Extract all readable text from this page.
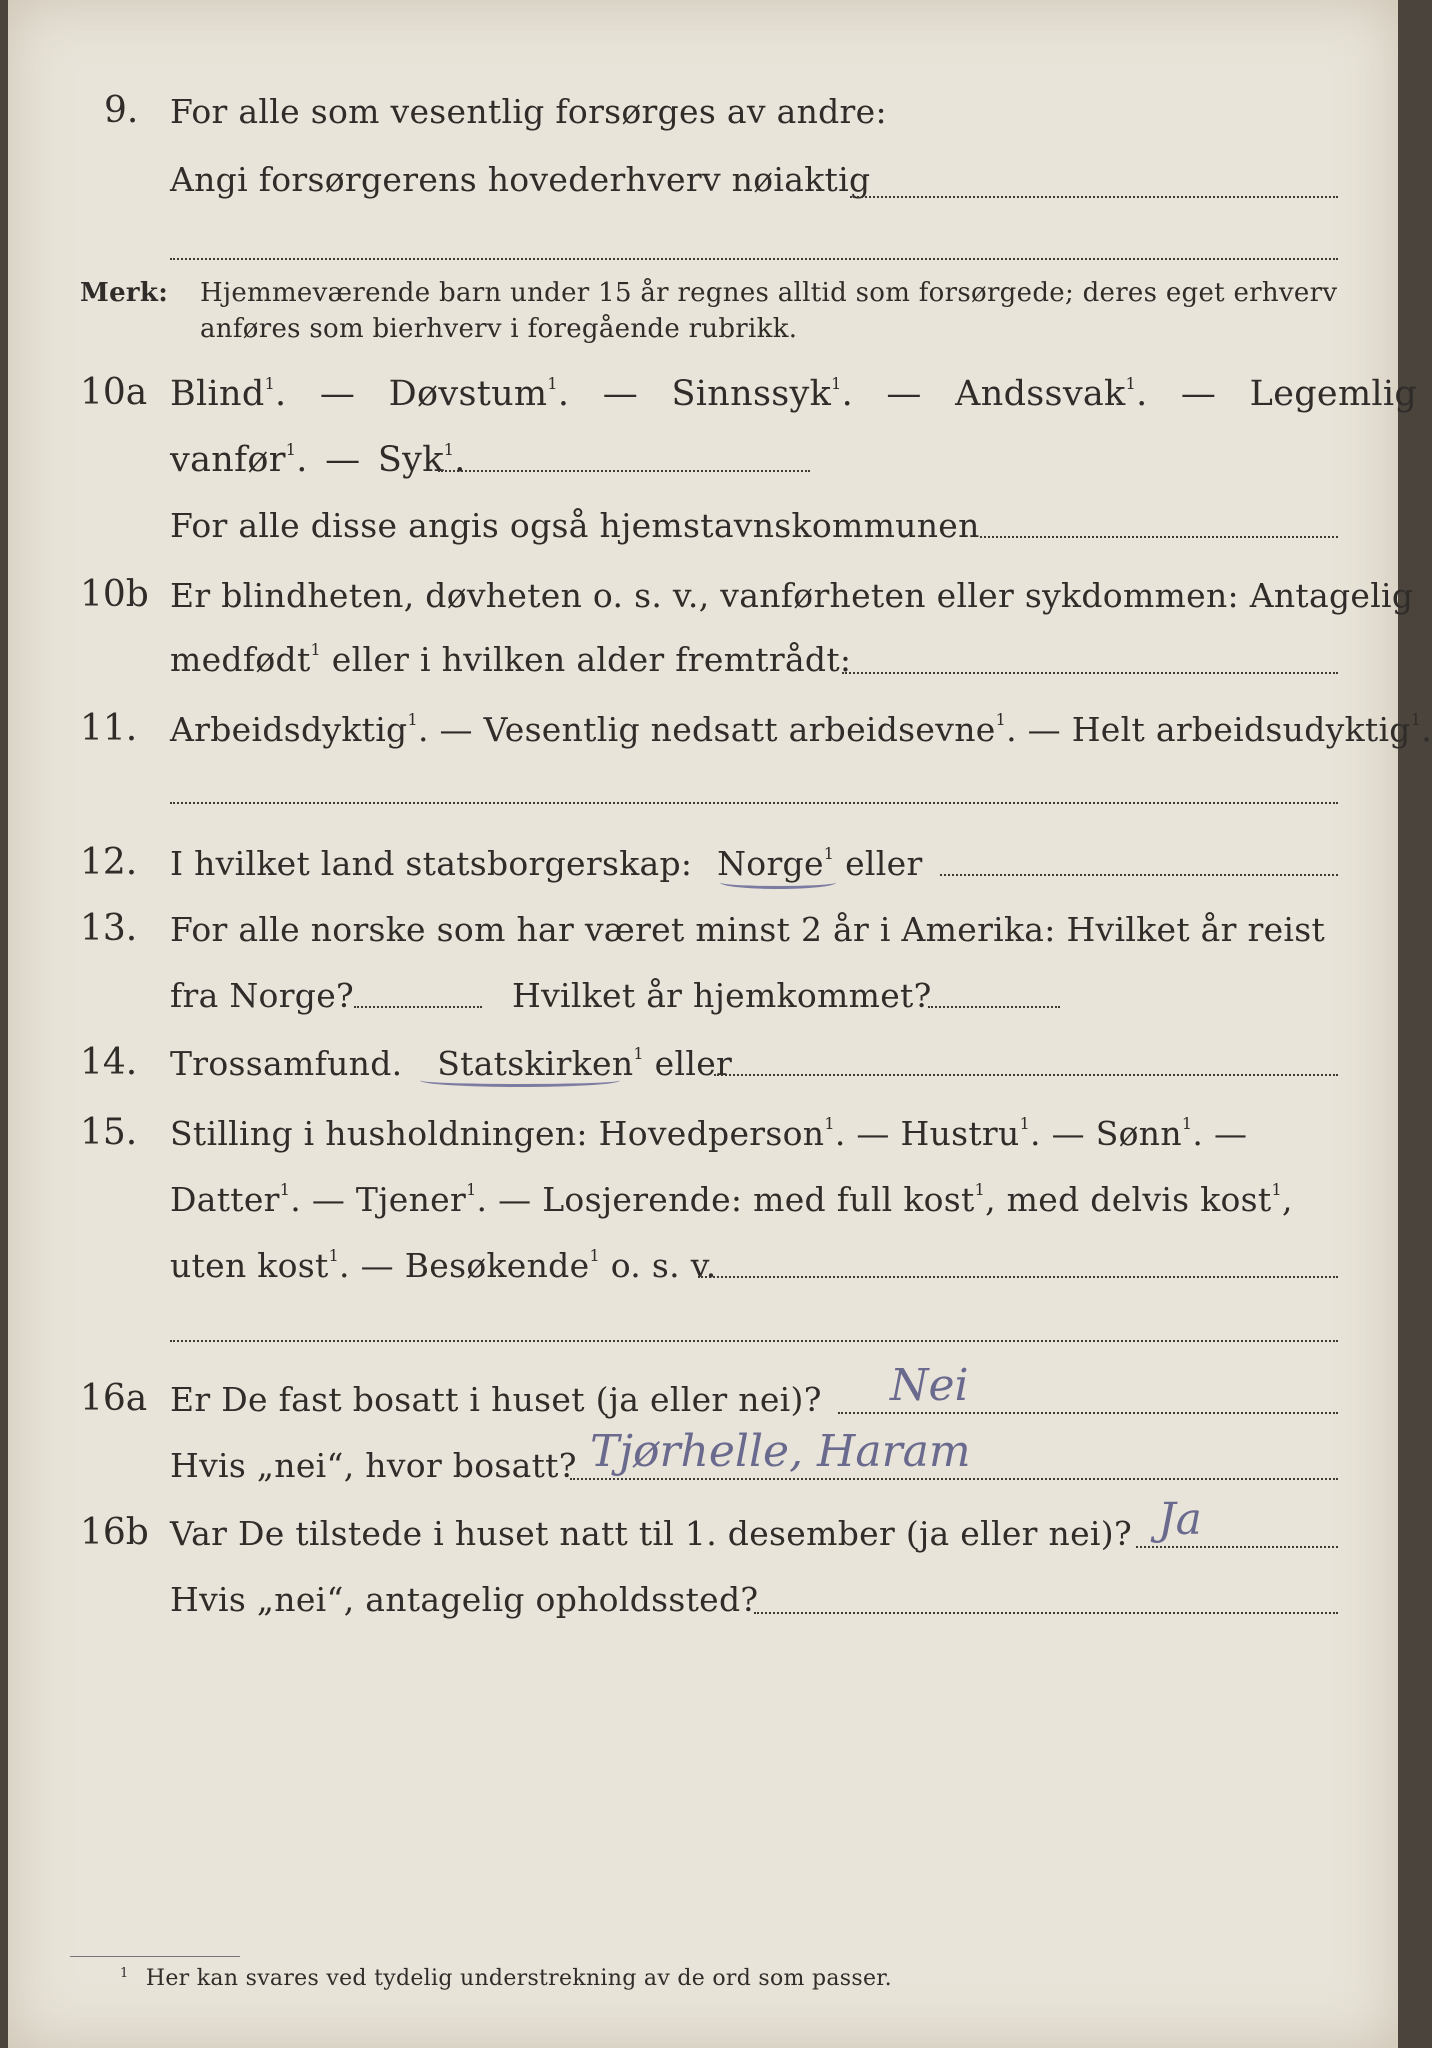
9. For alle som vesentlig forsørges av andre:
Angi forsørgerens hovederhverv nøiaktig
Merk: Hjemmeværende barn under 15 år regnes alltid som forsørgede; deres eget erhverv
anføres som bierhverv i foregående rubrikk.
10a Blind$^1$. — Døvstum$^1$. — Sinnssyk$^1$. — Andssvak$^1$. — Legemlig
vanfør$^1$. — Syk$^1$.
For alle disse angis også hjemstavnskommunen
10b Er blindheten, døvheten o. s. v., vanførheten eller sykdommen: Antagelig
medfødt$^1$ eller i hvilken alder fremtrådt:
11. Arbeidsdyktig$^1$. — Vesentlig nedsatt arbeidsevne$^1$. — Helt arbeidsudyktig$^1$.
12. I hvilket land statsborgerskap: Norge$^1$ eller
13. For alle norske som har været minst 2 år i Amerika: Hvilket år reist
fra Norge?	Hvilket år hjemkommet?
14. Trossamfund. Statskirken$^1$ eller
15. Stilling i husholdningen: Hovedperson$^1$. — Hustru$^1$. — Sønn$^1$. —
Datter$^1$. — Tjener$^1$. — Losjerende: med full kost$^1$, med delvis kost$^1$,
uten kost$^1$. — Besøkende$^1$ o. s. v.
16a Er De fast bosatt i huset (ja eller nei)? Nei
Hvis „nei“, hvor bosatt? Tjørhelle, Haram
16b Var De tilstede i huset natt til 1. desember (ja eller nei)? Ja
Hvis „nei“, antagelig opholdssted?
$^1$ Her kan svares ved tydelig understrekning av de ord som passer.
